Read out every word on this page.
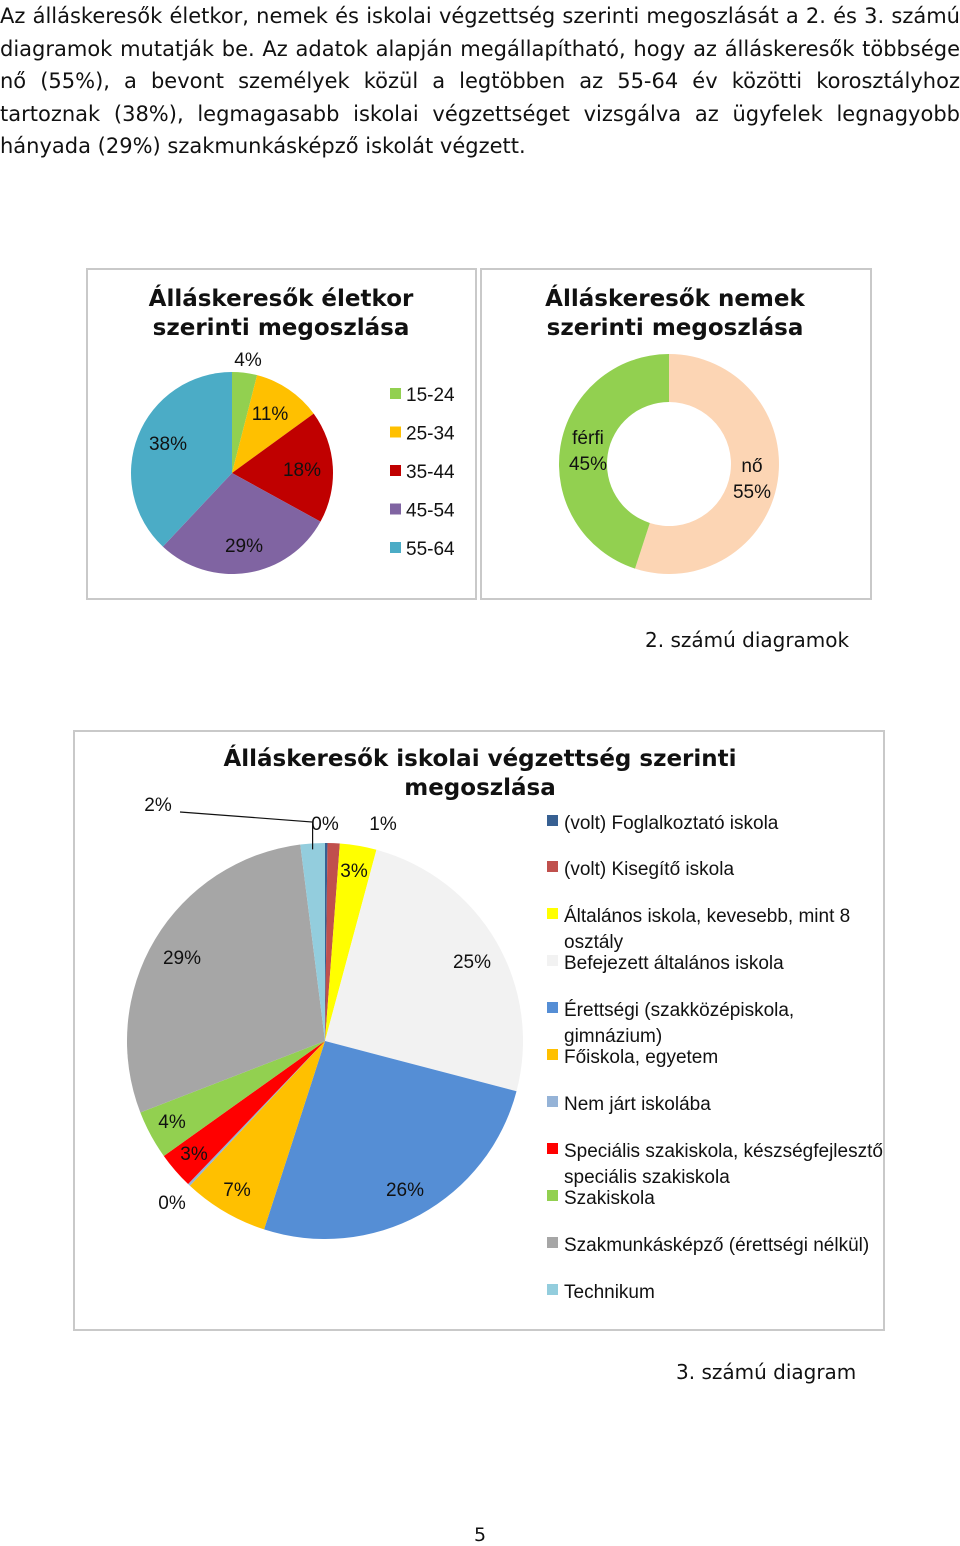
Az álláskeresők életkor, nemek és iskolai végzettség szerinti megoszlását a 2. és 3. számú diagramok mutatják be. Az adatok alapján megállapítható, hogy az álláskeresők többsége nő (55%), a bevont személyek közül a legtöbben az 55-64 év közötti korosztályhoz tartoznak (38%), legmagasabb iskolai végzettséget vizsgálva az ügyfelek legnagyobb hányada (29%) szakmunkásképző iskolát végzett.

Álláskeresők életkor szerinti megoszlása
Álláskeresők nemek szerinti megoszlása
2. számú diagramok
Álláskeresők iskolai végzettség szerinti megoszlása
3. számú diagram
5
4%
11%
18%
29%
38%
15-24
25-34
35-44
45-54
55-64
nő
55%
férfi
45%
0% 1%
3%
25%
26%
7%
0%
3%
4%
29%
2%
(volt) Foglalkoztató iskola
(volt) Kisegítő iskola
Általános iskola, kevesebb, mint 8 osztály
Befejezett általános iskola
Érettségi (szakközépiskola, gimnázium)
Főiskola, egyetem
Nem járt iskolába
Speciális szakiskola, készségfejlesztő speciális szakiskola
Szakiskola
Szakmunkásképző (érettségi nélkül)
Technikum
